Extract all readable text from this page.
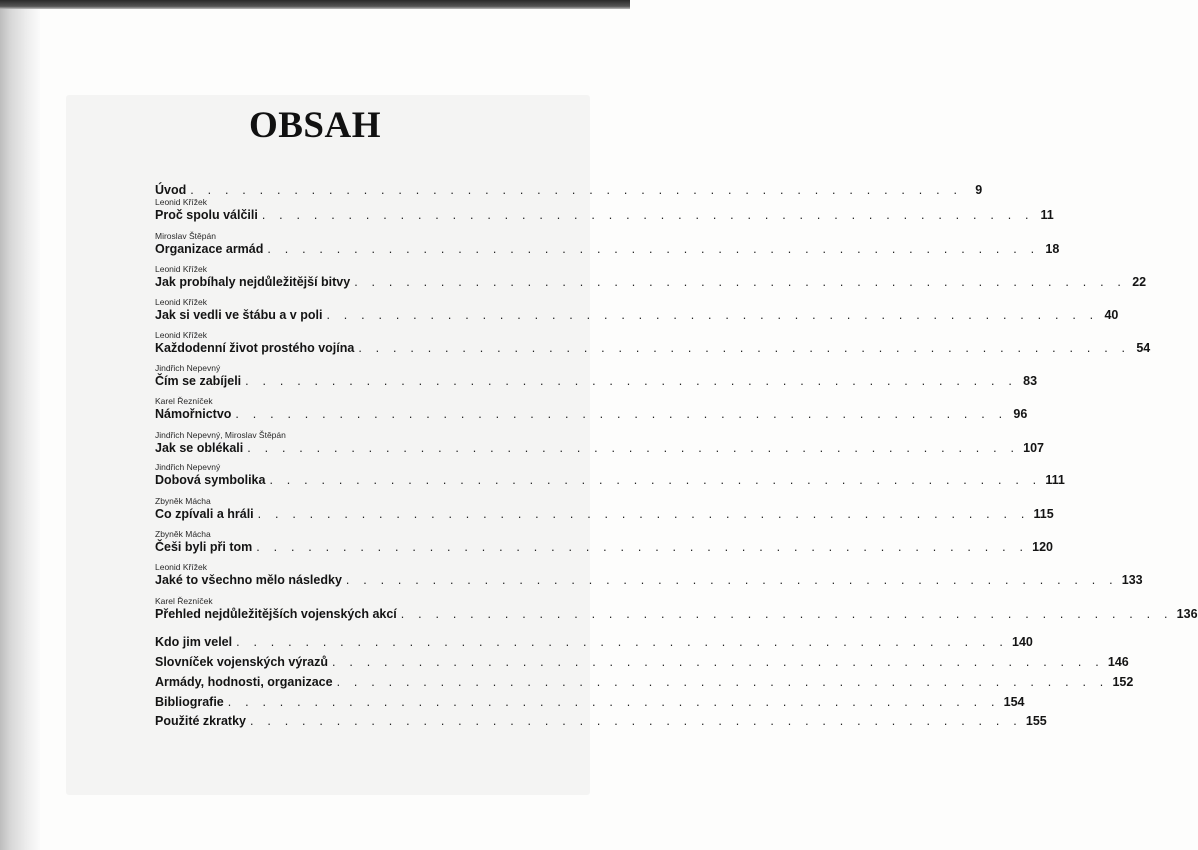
OBSAH
Úvod . . . . . . . . . . . . . . . . . . . . . . . . . . . . . . . . . . . . . . . . . . . . .	9
Leonid Křížek
Proč spolu válčili . . . . . . . . . . . . . . . . . . . . . . . . . . . . . . . . . . . . . . . . . . . . . 11
Miroslav Štěpán
Organizace armád . . . . . . . . . . . . . . . . . . . . . . . . . . . . . . . . . . . . . . . . . . . . . 18
Leonid Křížek
Jak probíhaly nejdůležitější bitvy . . . . . . . . . . . . . . . . . . . . . . . . . . . . . . . . . . . . . . . . . . . . . 22
Leonid Křížek
Jak si vedli ve štábu a v poli . . . . . . . . . . . . . . . . . . . . . . . . . . . . . . . . . . . . . . . . . . . . . 40
Leonid Křížek
Každodenní život prostého vojína . . . . . . . . . . . . . . . . . . . . . . . . . . . . . . . . . . . . . . . . . . . . . 54
Jindřich Nepevný
Čím se zabíjeli . . . . . . . . . . . . . . . . . . . . . . . . . . . . . . . . . . . . . . . . . . . . . 83
Karel Řezníček
Námořnictvo . . . . . . . . . . . . . . . . . . . . . . . . . . . . . . . . . . . . . . . . . . . . . 96
Jindřich Nepevný, Miroslav Štěpán
Jak se oblékali . . . . . . . . . . . . . . . . . . . . . . . . . . . . . . . . . . . . . . . . . . . . . 107
Jindřich Nepevný
Dobová symbolika . . . . . . . . . . . . . . . . . . . . . . . . . . . . . . . . . . . . . . . . . . . . . 111
Zbyněk Mácha
Co zpívali a hráli . . . . . . . . . . . . . . . . . . . . . . . . . . . . . . . . . . . . . . . . . . . . . 115
Zbyněk Mácha
Češi byli při tom . . . . . . . . . . . . . . . . . . . . . . . . . . . . . . . . . . . . . . . . . . . . . 120
Leonid Křížek
Jaké to všechno mělo následky . . . . . . . . . . . . . . . . . . . . . . . . . . . . . . . . . . . . . . . . . . . . . 133
Karel Řezníček
Přehled nejdůležitějších vojenských akcí . . . . . . . . . . . . . . . . . . . . . . . . . . . . . . . . . . . . . . . . . . . . . 136
Kdo jim velel . . . . . . . . . . . . . . . . . . . . . . . . . . . . . . . . . . . . . . . . . . . . . 140
Slovníček vojenských výrazů . . . . . . . . . . . . . . . . . . . . . . . . . . . . . . . . . . . . . . . . . . . . . 146
Armády, hodnosti, organizace . . . . . . . . . . . . . . . . . . . . . . . . . . . . . . . . . . . . . . . . . . . . . 152
Bibliografie . . . . . . . . . . . . . . . . . . . . . . . . . . . . . . . . . . . . . . . . . . . . . 154
Použité zkratky . . . . . . . . . . . . . . . . . . . . . . . . . . . . . . . . . . . . . . . . . . . . . 155
